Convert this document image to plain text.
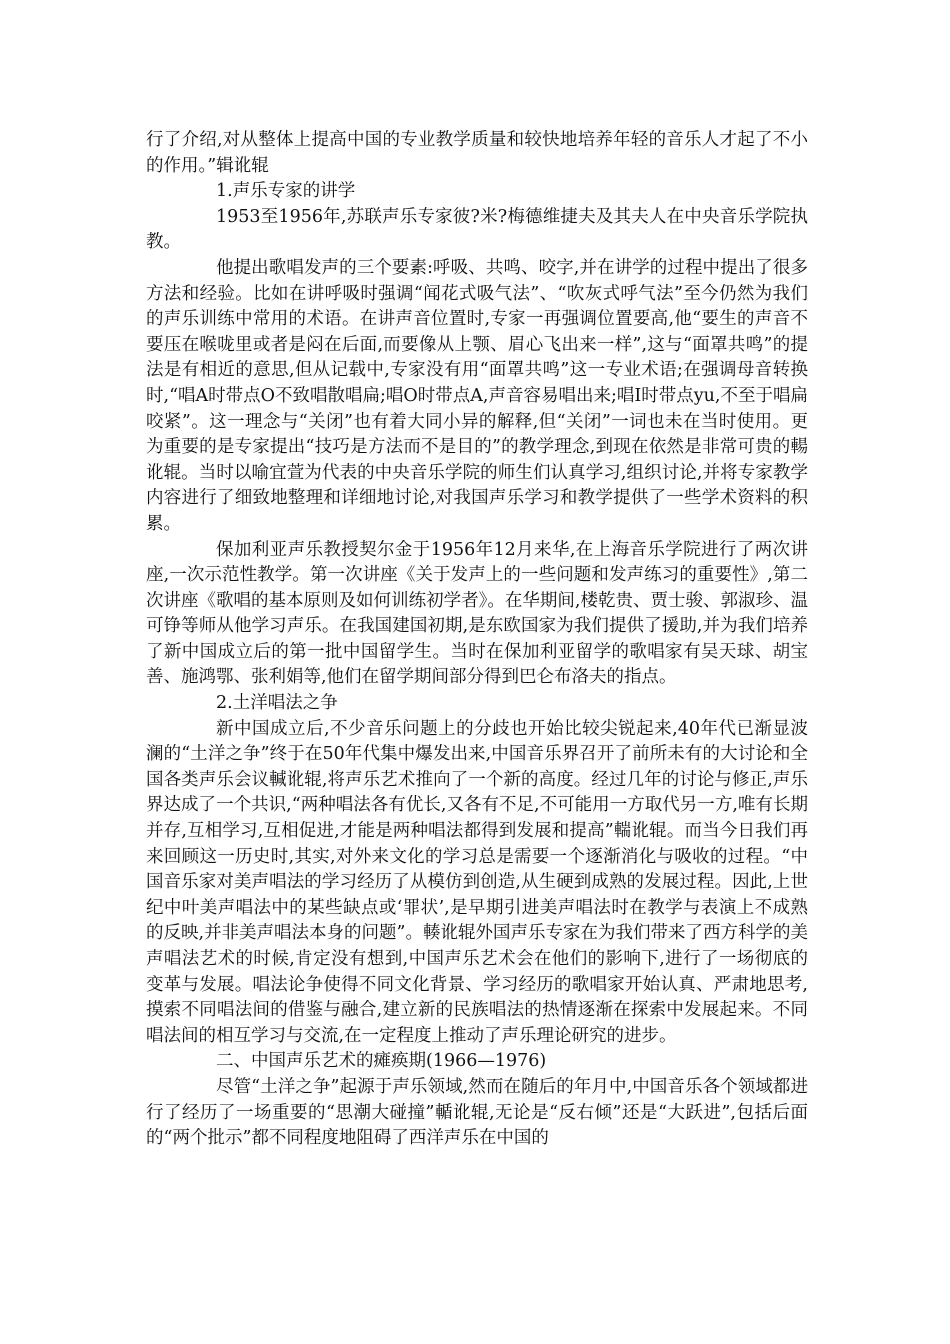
行了介绍,对从整体上提高中国的专业教学质量和较快地培养年轻的音乐人才起了不小的作用。”辑讹辊

1.声乐专家的讲学

1953至1956年,苏联声乐专家彼?米?梅德维捷夫及其夫人在中央音乐学院执教。

他提出歌唱发声的三个要素:呼吸、共鸣、咬字,并在讲学的过程中提出了很多方法和经验。比如在讲呼吸时强调“闻花式吸气法”、“吹灰式呼气法”至今仍然为我们的声乐训练中常用的术语。在讲声音位置时,专家一再强调位置要高,他“要生的声音不要压在喉咙里或者是闷在后面,而要像从上颚、眉心飞出来一样”,这与“面罩共鸣”的提法是有相近的意思,但从记载中,专家没有用“面罩共鸣”这一专业术语;在强调母音转换时,“唱A时带点O不致唱散唱扁;唱O时带点A,声音容易唱出来;唱I时带点yu,不至于唱扁咬紧”。这一理念与“关闭”也有着大同小异的解释,但“关闭”一词也未在当时使用。更为重要的是专家提出“技巧是方法而不是目的”的教学理念,到现在依然是非常可贵的輰讹辊。当时以喻宜萱为代表的中央音乐学院的师生们认真学习,组织讨论,并将专家教学内容进行了细致地整理和详细地讨论,对我国声乐学习和教学提供了一些学术资料的积累。

保加利亚声乐教授契尔金于1956年12月来华,在上海音乐学院进行了两次讲座,一次示范性教学。第一次讲座《关于发声上的一些问题和发声练习的重要性》,第二次讲座《歌唱的基本原则及如何训练初学者》。在华期间,楼乾贵、贾士骏、郭淑珍、温可铮等师从他学习声乐。在我国建国初期,是东欧国家为我们提供了援助,并为我们培养了新中国成立后的第一批中国留学生。当时在保加利亚留学的歌唱家有吴天球、胡宝善、施鸿鄂、张利娟等,他们在留学期间部分得到巴仑布洛夫的指点。

2.土洋唱法之争

新中国成立后,不少音乐问题上的分歧也开始比较尖锐起来,40年代已渐显波澜的“土洋之争”终于在50年代集中爆发出来,中国音乐界召开了前所未有的大讨论和全国各类声乐会议輱讹辊,将声乐艺术推向了一个新的高度。经过几年的讨论与修正,声乐界达成了一个共识,“两种唱法各有优长,又各有不足,不可能用一方取代另一方,唯有长期并存,互相学习,互相促进,才能是两种唱法都得到发展和提高”輲讹辊。而当今日我们再来回顾这一历史时,其实,对外来文化的学习总是需要一个逐渐消化与吸收的过程。“中国音乐家对美声唱法的学习经历了从模仿到创造,从生硬到成熟的发展过程。因此,上世纪中叶美声唱法中的某些缺点或‘罪状’,是早期引进美声唱法时在教学与表演上不成熟的反映,并非美声唱法本身的问题”。輳讹辊外国声乐专家在为我们带来了西方科学的美声唱法艺术的时候,肯定没有想到,中国声乐艺术会在他们的影响下,进行了一场彻底的变革与发展。唱法论争使得不同文化背景、学习经历的歌唱家开始认真、严肃地思考,摸索不同唱法间的借鉴与融合,建立新的民族唱法的热情逐渐在探索中发展起来。不同唱法间的相互学习与交流,在一定程度上推动了声乐理论研究的进步。

二、中国声乐艺术的瘫痪期(1966—1976)

尽管“土洋之争”起源于声乐领域,然而在随后的年月中,中国音乐各个领域都进行了经历了一场重要的“思潮大碰撞”輴讹辊,无论是“反右倾”还是“大跃进”,包括后面的“两个批示”都不同程度地阻碍了西洋声乐在中国的
